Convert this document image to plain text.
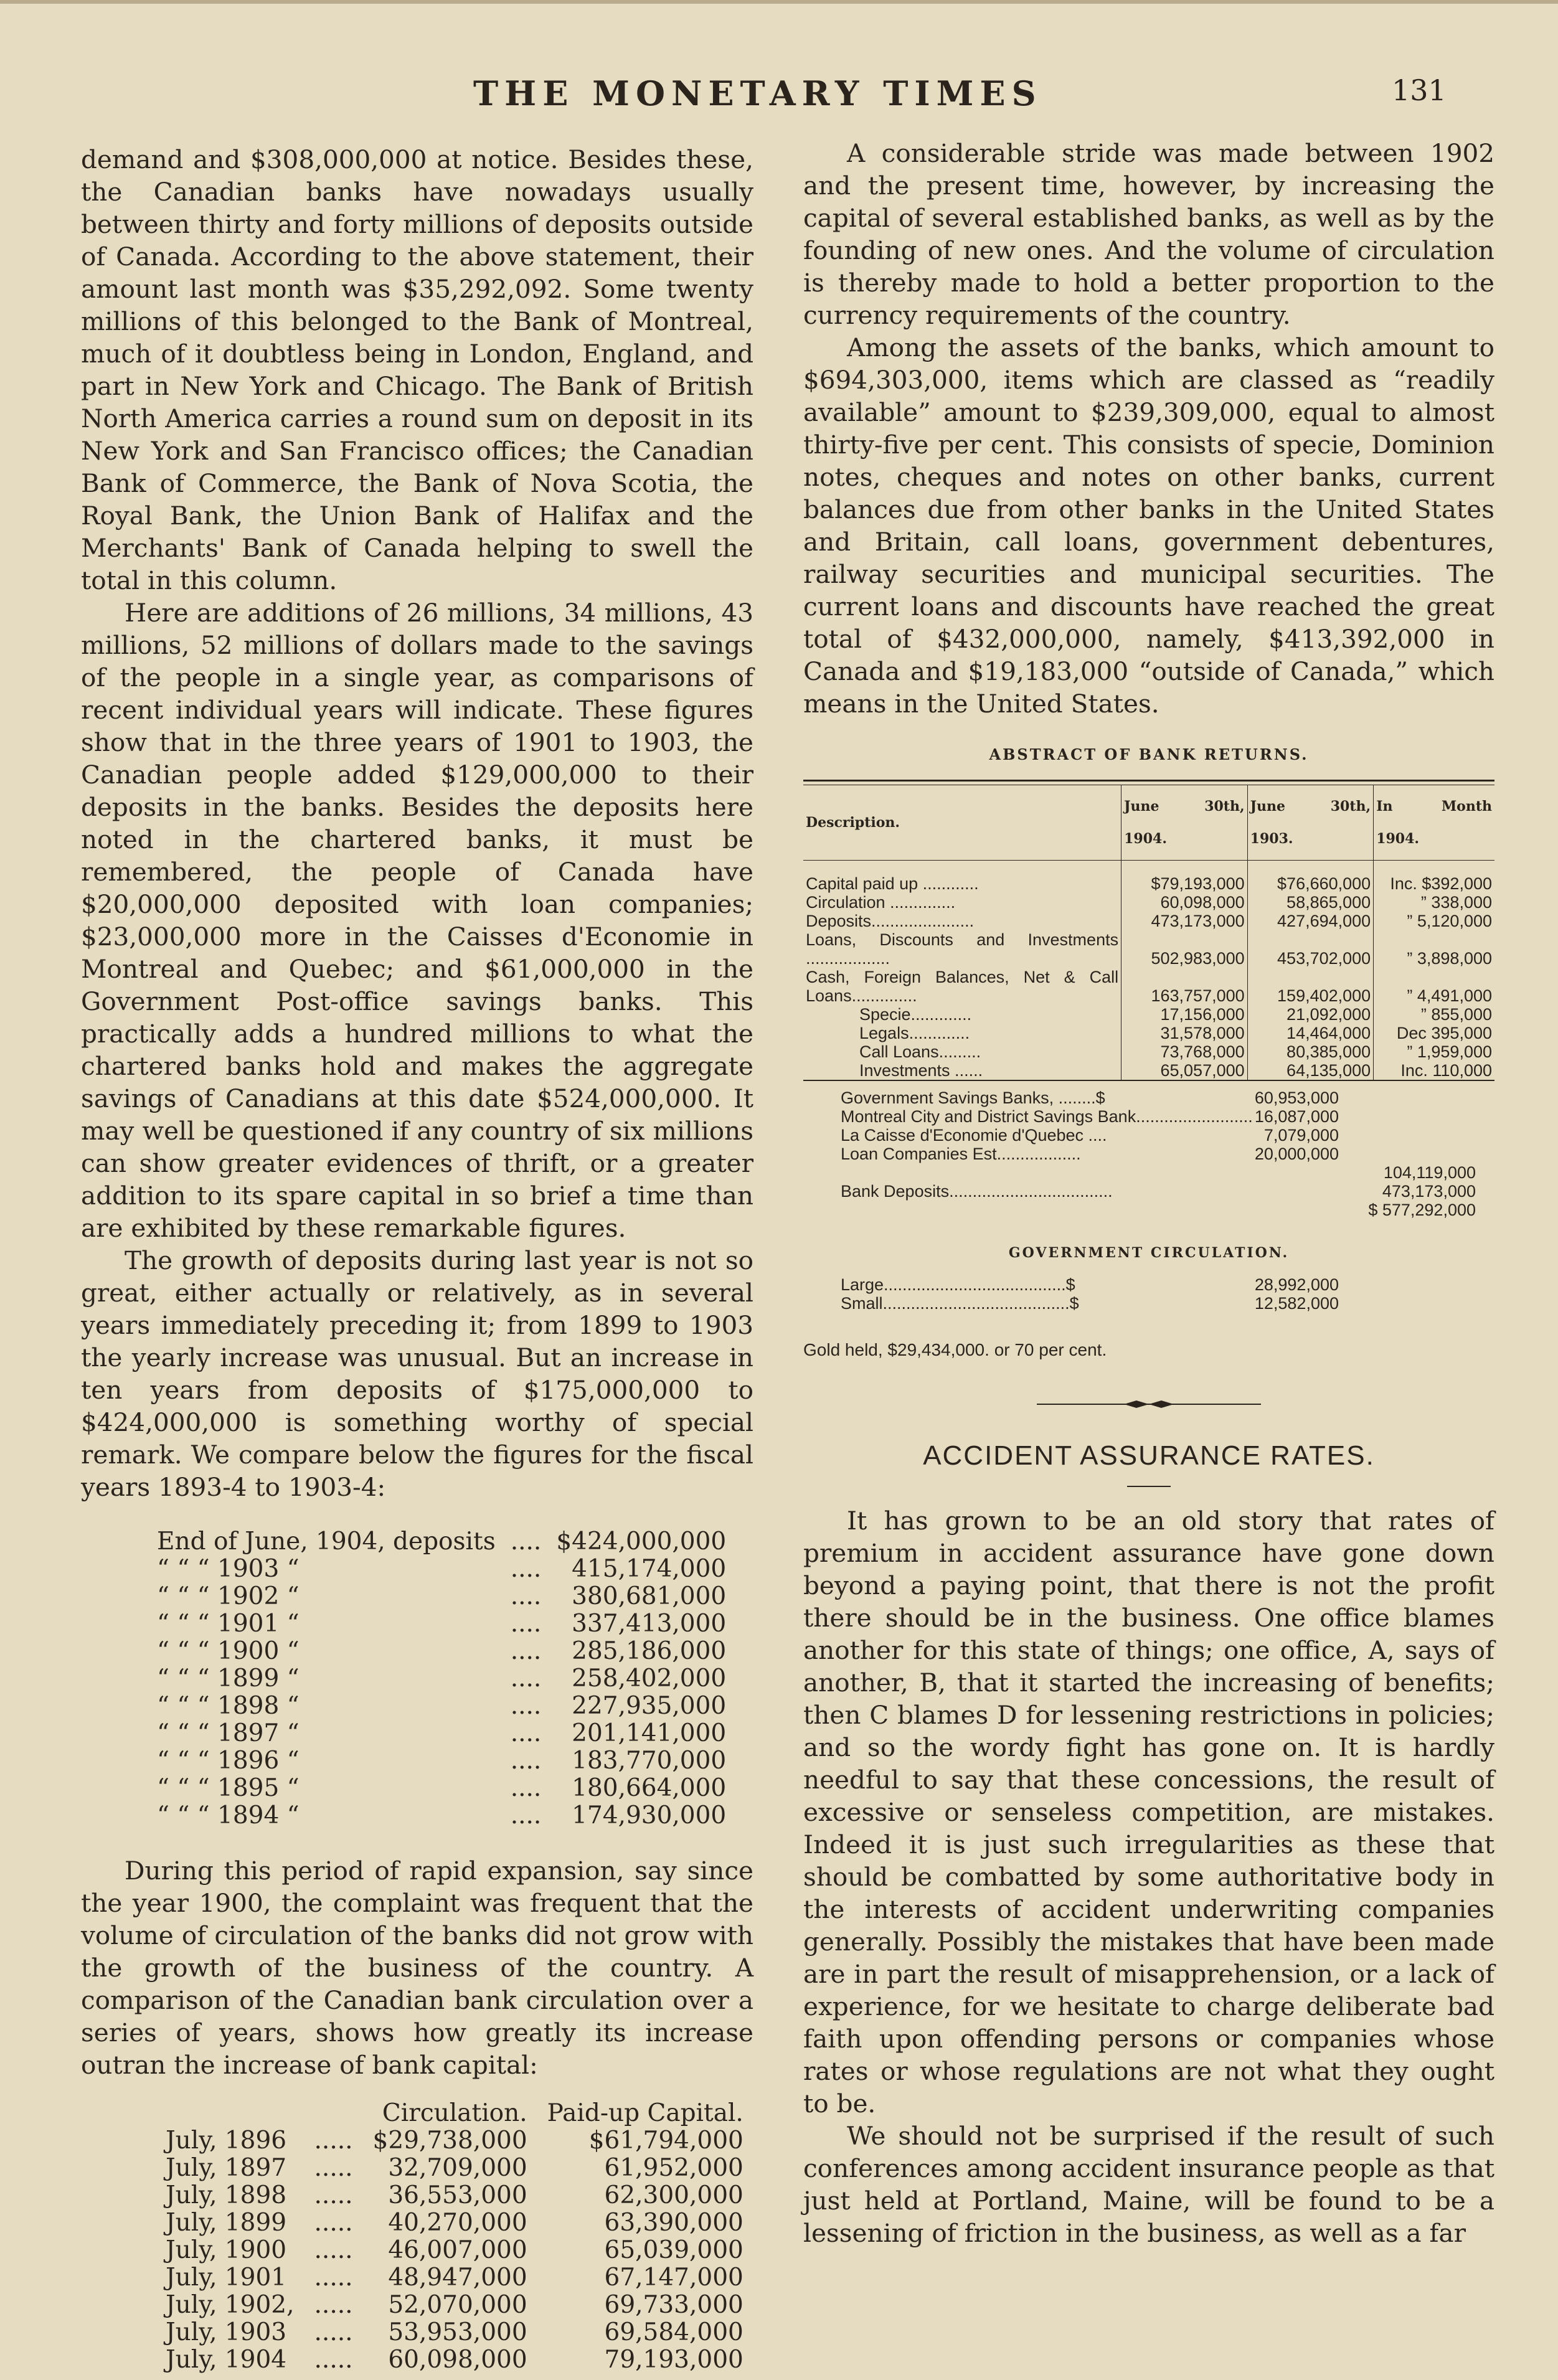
THE MONETARY TIMES	131

demand and $308,000,000 at notice. Besides these, the Canadian banks have nowadays usually between thirty and forty millions of deposits outside of Canada. According to the above statement, their amount last month was $35,292,092. Some twenty millions of this belonged to the Bank of Montreal, much of it doubtless being in London, England, and part in New York and Chicago. The Bank of British North America carries a round sum on deposit in its New York and San Francisco offices; the Canadian Bank of Commerce, the Bank of Nova Scotia, the Royal Bank, the Union Bank of Halifax and the Merchants' Bank of Canada helping to swell the total in this column.

Here are additions of 26 millions, 34 millions, 43 millions, 52 millions of dollars made to the savings of the people in a single year, as comparisons of recent individual years will indicate. These figures show that in the three years of 1901 to 1903, the Canadian people added $129,000,000 to their deposits in the banks. Besides the deposits here noted in the chartered banks, it must be remembered, the people of Canada have $20,000,000 deposited with loan companies; $23,000,000 more in the Caisses d'Economie in Montreal and Quebec; and $61,000,000 in the Government Post-office savings banks. This practically adds a hundred millions to what the chartered banks hold and makes the aggregate savings of Canadians at this date $524,000,000. It may well be questioned if any country of six millions can show greater evidences of thrift, or a greater addition to its spare capital in so brief a time than are exhibited by these remarkable figures.

The growth of deposits during last year is not so great, either actually or relatively, as in several years immediately preceding it; from 1899 to 1903 the yearly increase was unusual. But an increase in ten years from deposits of $175,000,000 to $424,000,000 is something worthy of special remark. We compare below the figures for the fiscal years 1893-4 to 1903-4:

End of June, 1904, deposits	....	$424,000,000
“ “ “ 1903 “	....	415,174,000
“ “ “ 1902 “	....	380,681,000
“ “ “ 1901 “	....	337,413,000
“ “ “ 1900 “	....	285,186,000
“ “ “ 1899 “	....	258,402,000
“ “ “ 1898 “	....	227,935,000
“ “ “ 1897 “	....	201,141,000
“ “ “ 1896 “	....	183,770,000
“ “ “ 1895 “	....	180,664,000
“ “ “ 1894 “	....	174,930,000

During this period of rapid expansion, say since the year 1900, the complaint was frequent that the volume of circulation of the banks did not grow with the growth of the business of the country. A comparison of the Canadian bank circulation over a series of years, shows how greatly its increase outran the increase of bank capital:

		Circulation.	Paid-up Capital.
July, 1896	.....	$29,738,000	$61,794,000
July, 1897	.....	32,709,000	61,952,000
July, 1898	.....	36,553,000	62,300,000
July, 1899	.....	40,270,000	63,390,000
July, 1900	.....	46,007,000	65,039,000
July, 1901	.....	48,947,000	67,147,000
July, 1902,	.....	52,070,000	69,733,000
July, 1903	.....	53,953,000	69,584,000
July, 1904	.....	60,098,000	79,193,000

A considerable stride was made between 1902 and the present time, however, by increasing the capital of several established banks, as well as by the founding of new ones. And the volume of circulation is thereby made to hold a better proportion to the currency requirements of the country.

Among the assets of the banks, which amount to $694,303,000, items which are classed as “readily available” amount to $239,309,000, equal to almost thirty-five per cent. This consists of specie, Dominion notes, cheques and notes on other banks, current balances due from other banks in the United States and Britain, call loans, government debentures, railway securities and municipal securities. The current loans and discounts have reached the great total of $432,000,000, namely, $413,392,000 in Canada and $19,183,000 “outside of Canada,” which means in the United States.

ABSTRACT OF BANK RETURNS.
Description.	June 30th, 1904.	June 30th, 1903.	In Month 1904.
Capital paid up ............	$79,193,000	$76,660,000	Inc. $392,000
Circulation ..............	60,098,000	58,865,000	” 338,000
Deposits......................	473,173,000	427,694,000	” 5,120,000
Loans, Discounts and Investments ..................	502,983,000	453,702,000	” 3,898,000
Cash, Foreign Balances, Net & Call Loans..............	163,757,000	159,402,000	” 4,491,000
Specie.............	17,156,000	21,092,000	” 855,000
Legals.............	31,578,000	14,464,000	Dec 395,000
Call Loans.........	73,768,000	80,385,000	” 1,959,000
Investments ......	65,057,000	64,135,000	Inc. 110,000
Government Savings Banks, ........$	60,953,000
Montreal City and District Savings Bank......................... 16,087,000
La Caisse d'Economie d'Quebec ....	7,079,000
Loan Companies Est..................	20,000,000
104,119,000
Bank Deposits...................................	473,173,000
$ 577,292,000
GOVERNMENT CIRCULATION.
Large.......................................$	28,992,000
Small........................................$	12,582,000
Gold held, $29,434,000. or 70 per cent.
ACCIDENT ASSURANCE RATES.

It has grown to be an old story that rates of premium in accident assurance have gone down beyond a paying point, that there is not the profit there should be in the business. One office blames another for this state of things; one office, A, says of another, B, that it started the increasing of benefits; then C blames D for lessening restrictions in policies; and so the wordy fight has gone on. It is hardly needful to say that these concessions, the result of excessive or senseless competition, are mistakes. Indeed it is just such irregularities as these that should be combatted by some authoritative body in the interests of accident underwriting companies generally. Possibly the mistakes that have been made are in part the result of misapprehension, or a lack of experience, for we hesitate to charge deliberate bad faith upon offending persons or companies whose rates or whose regulations are not what they ought to be.

We should not be surprised if the result of such conferences among accident insurance people as that just held at Portland, Maine, will be found to be a lessening of friction in the business, as well as a far
